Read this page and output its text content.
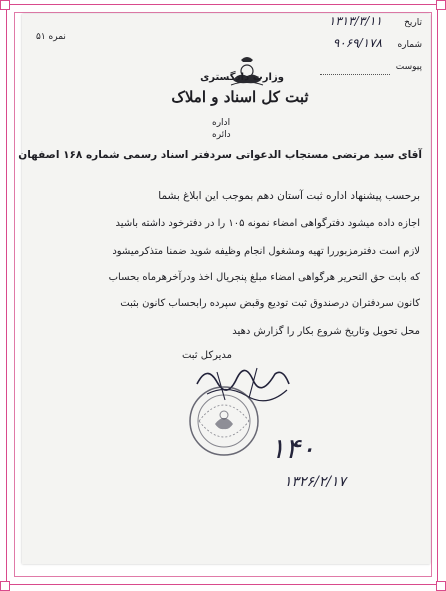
نمره ۵۱
وزارت دادگستری
ثبت کل اسناد و املاک
تاریخ
۱۳۱۳/۳/۱۱
شماره
۹۰۶۹/۱۷۸
پیوست
اداره
دائره
آقای سید مرتضی مستجاب الدعواتی سردفتر اسناد رسمی شماره ۱۶۸ اصفهان
برحسب پیشنهاد اداره ثبت آستان دهم بموجب این ابلاغ بشما
اجازه داده میشود دفترگواهی امضاء نمونه ۱۰۵ را در دفترخود داشته باشید
لازم است دفترمزبوررا تهیه ومشغول انجام وظیفه شوید ضمنا متذکرمیشود
که بابت حق التحریر هرگواهی امضاء مبلغ پنجریال اخذ ودرآخرهرماه بحساب
کانون سردفتران درصندوق ثبت تودیع وقبض سپرده رابحساب کانون بثبت
محل تحویل وتاریخ شروع بکار را گزارش دهید
مدیرکل ثبت
۱۴۰
۱۳۲۶/۲/۱۷
